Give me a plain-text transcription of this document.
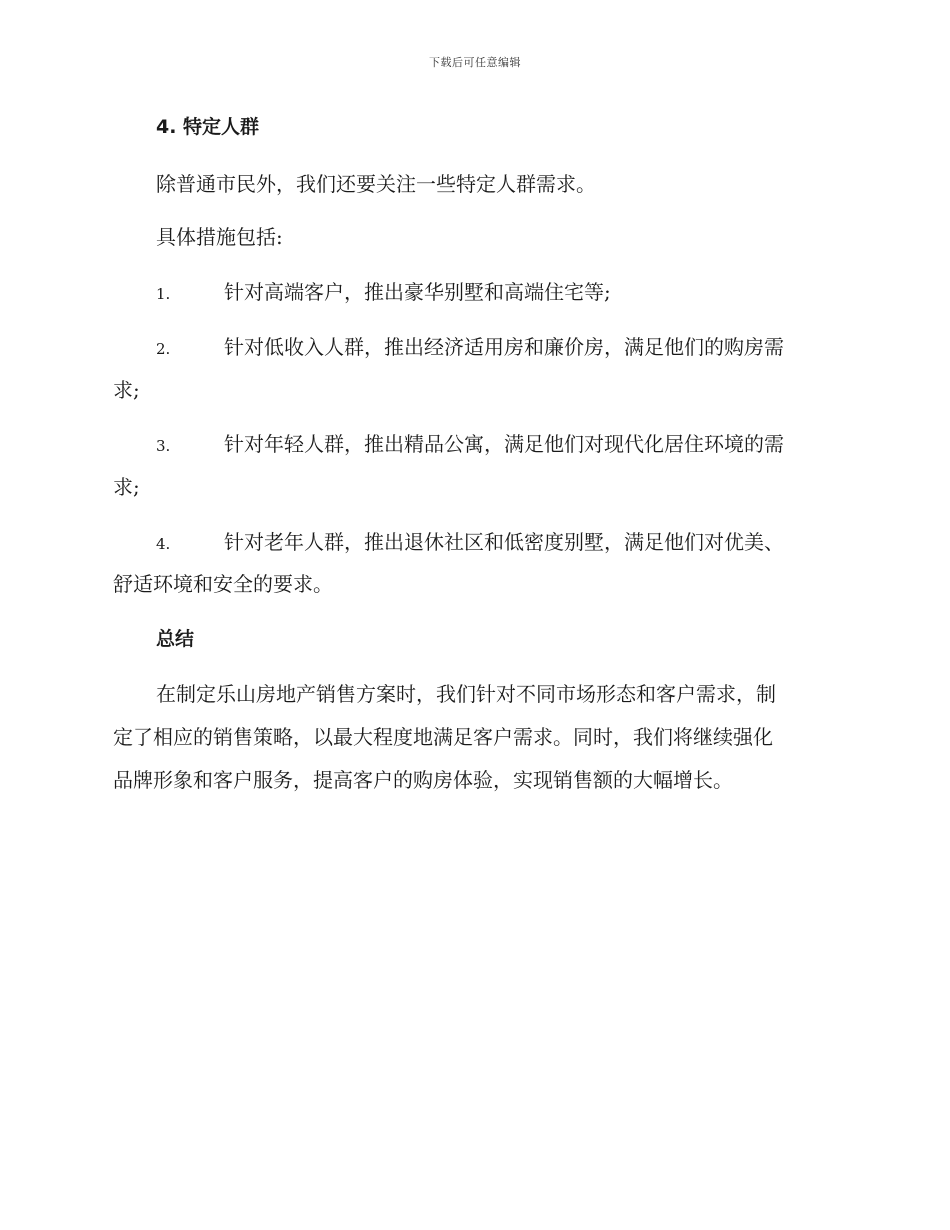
下载后可任意编辑
4. 特定人群
除普通市民外，我们还要关注一些特定人群需求。
具体措施包括:
1.	针对高端客户，推出豪华别墅和高端住宅等;
2.	针对低收入人群，推出经济适用房和廉价房，满足他们的购房需
求;
3.	针对年轻人群，推出精品公寓，满足他们对现代化居住环境的需
求;
4.	针对老年人群，推出退休社区和低密度别墅，满足他们对优美、
舒适环境和安全的要求。
总结
在制定乐山房地产销售方案时，我们针对不同市场形态和客户需求，制
定了相应的销售策略，以最大程度地满足客户需求。同时，我们将继续强化
品牌形象和客户服务，提高客户的购房体验，实现销售额的大幅增长。
